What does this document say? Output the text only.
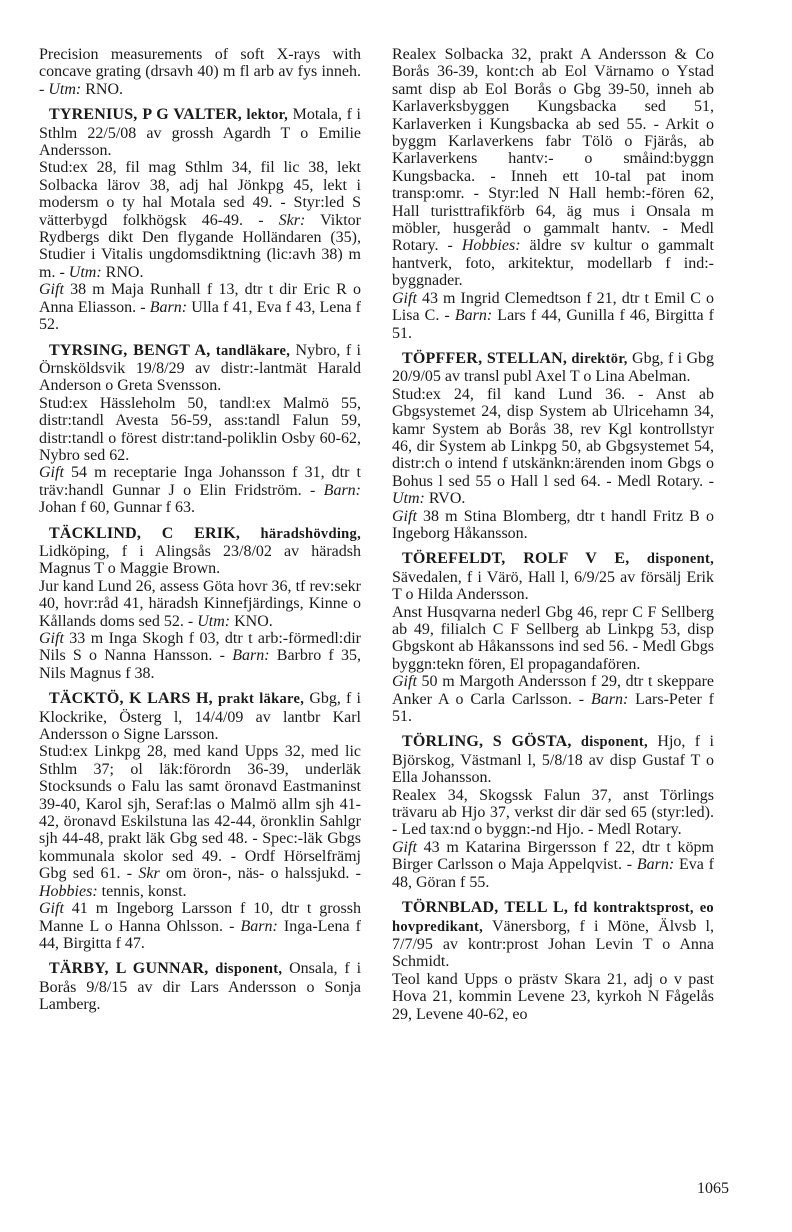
Precision measurements of soft X-rays with concave grating (drsavh 40) m fl arb av fys inneh. - Utm: RNO.

TYRENIUS, P G VALTER, lektor, Motala, f i Sthlm 22/5/08 av grossh Agardh T o Emilie Andersson.

Stud:ex 28, fil mag Sthlm 34, fil lic 38, lekt Solbacka lärov 38, adj hal Jönkpg 45, lekt i modersm o ty hal Motala sed 49. - Styr:led S vätterbygd folkhögsk 46-49. - Skr: Viktor Rydbergs dikt Den flygande Holländaren (35), Studier i Vitalis ungdomsdiktning (lic:avh 38) m m. - Utm: RNO.

Gift 38 m Maja Runhall f 13, dtr t dir Eric R o Anna Eliasson. - Barn: Ulla f 41, Eva f 43, Lena f 52.

TYRSING, BENGT A, tandläkare, Nybro, f i Örnsköldsvik 19/8/29 av distr:-lantmät Harald Anderson o Greta Svensson.

Stud:ex Hässleholm 50, tandl:ex Malmö 55, distr:tandl Avesta 56-59, ass:tandl Falun 59, distr:tandl o förest distr:tand-poliklin Osby 60-62, Nybro sed 62.

Gift 54 m receptarie Inga Johansson f 31, dtr t träv:handl Gunnar J o Elin Fridström. - Barn: Johan f 60, Gunnar f 63.

TÄCKLIND, C ERIK, häradshövding, Lidköping, f i Alingsås 23/8/02 av häradsh Magnus T o Maggie Brown.

Jur kand Lund 26, assess Göta hovr 36, tf rev:sekr 40, hovr:råd 41, häradsh Kinnefjärdings, Kinne o Kållands doms sed 52. - Utm: KNO.

Gift 33 m Inga Skogh f 03, dtr t arb:-förmedl:dir Nils S o Nanna Hansson. - Barn: Barbro f 35, Nils Magnus f 38.

TÄCKTÖ, K LARS H, prakt läkare, Gbg, f i Klockrike, Österg l, 14/4/09 av lantbr Karl Andersson o Signe Larsson.

Stud:ex Linkpg 28, med kand Upps 32, med lic Sthlm 37; ol läk:förordn 36-39, underläk Stocksunds o Falu las samt öronavd Eastmaninst 39-40, Karol sjh, Seraf:las o Malmö allm sjh 41-42, öronavd Eskilstuna las 42-44, öronklin Sahlgr sjh 44-48, prakt läk Gbg sed 48. - Spec:-läk Gbgs kommunala skolor sed 49. - Ordf Hörselfrämj Gbg sed 61. - Skr om öron-, näs- o halssjukd. - Hobbies: tennis, konst.

Gift 41 m Ingeborg Larsson f 10, dtr t grossh Manne L o Hanna Ohlsson. - Barn: Inga-Lena f 44, Birgitta f 47.

TÄRBY, L GUNNAR, disponent, Onsala, f i Borås 9/8/15 av dir Lars Andersson o Sonja Lamberg.

Realex Solbacka 32, prakt A Andersson & Co Borås 36-39, kont:ch ab Eol Värnamo o Ystad samt disp ab Eol Borås o Gbg 39-50, inneh ab Karlaverksbyggen Kungsbacka sed 51, Karlaverken i Kungsbacka ab sed 55. - Arkit o byggm Karlaverkens fabr Tölö o Fjärås, ab Karlaverkens hantv:- o småind:byggn Kungsbacka. - Inneh ett 10-tal pat inom transp:omr. - Styr:led N Hall hemb:-fören 62, Hall turisttrafikförb 64, äg mus i Onsala m möbler, husgeråd o gammalt hantv. - Medl Rotary. - Hobbies: äldre sv kultur o gammalt hantverk, foto, arkitektur, modellarb f ind:-byggnader.

Gift 43 m Ingrid Clemedtson f 21, dtr t Emil C o Lisa C. - Barn: Lars f 44, Gunilla f 46, Birgitta f 51.

TÖPFFER, STELLAN, direktör, Gbg, f i Gbg 20/9/05 av transl publ Axel T o Lina Abelman.

Stud:ex 24, fil kand Lund 36. - Anst ab Gbgsystemet 24, disp System ab Ulricehamn 34, kamr System ab Borås 38, rev Kgl kontrollstyr 46, dir System ab Linkpg 50, ab Gbgsystemet 54, distr:ch o intend f utskänkn:ärenden inom Gbgs o Bohus l sed 55 o Hall l sed 64. - Medl Rotary. - Utm: RVO.

Gift 38 m Stina Blomberg, dtr t handl Fritz B o Ingeborg Håkansson.

TÖREFELDT, ROLF V E, disponent, Sävedalen, f i Värö, Hall l, 6/9/25 av försälj Erik T o Hilda Andersson.

Anst Husqvarna nederl Gbg 46, repr C F Sellberg ab 49, filialch C F Sellberg ab Linkpg 53, disp Gbgskont ab Håkanssons ind sed 56. - Medl Gbgs byggn:tekn fören, El propagandafören.

Gift 50 m Margoth Andersson f 29, dtr t skeppare Anker A o Carla Carlsson. - Barn: Lars-Peter f 51.

TÖRLING, S GÖSTA, disponent, Hjo, f i Björskog, Västmanl l, 5/8/18 av disp Gustaf T o Ella Johansson.

Realex 34, Skogssk Falun 37, anst Törlings trävaru ab Hjo 37, verkst dir där sed 65 (styr:led). - Led tax:nd o byggn:-nd Hjo. - Medl Rotary.

Gift 43 m Katarina Birgersson f 22, dtr t köpm Birger Carlsson o Maja Appelqvist. - Barn: Eva f 48, Göran f 55.

TÖRNBLAD, TELL L, fd kontraktsprost, eo hovpredikant, Vänersborg, f i Möne, Älvsb l, 7/7/95 av kontr:prost Johan Levin T o Anna Schmidt.

Teol kand Upps o prästv Skara 21, adj o v past Hova 21, kommin Levene 23, kyrkoh N Fågelås 29, Levene 40-62, eo

1065
